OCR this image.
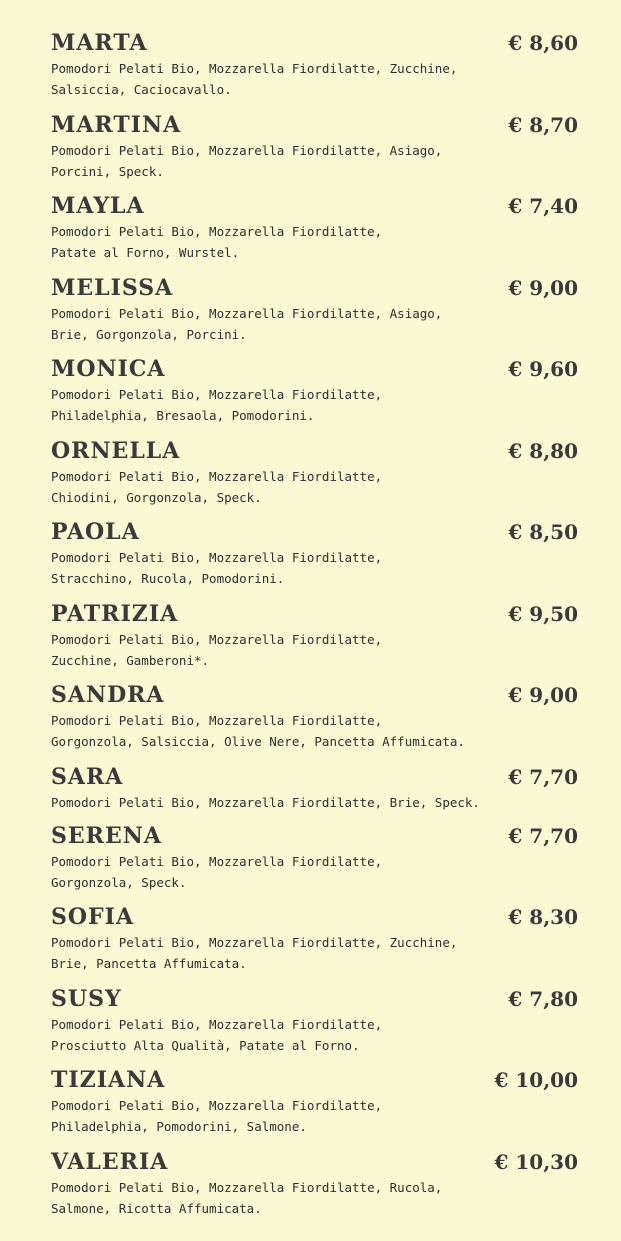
MARTA	€ 8,60
Pomodori Pelati Bio, Mozzarella Fiordilatte, Zucchine,
Salsiccia, Caciocavallo.
MARTINA	€ 8,70
Pomodori Pelati Bio, Mozzarella Fiordilatte, Asiago,
Porcini, Speck.
MAYLA	€ 7,40
Pomodori Pelati Bio, Mozzarella Fiordilatte,
Patate al Forno, Wurstel.
MELISSA	€ 9,00
Pomodori Pelati Bio, Mozzarella Fiordilatte, Asiago,
Brie, Gorgonzola, Porcini.
MONICA	€ 9,60
Pomodori Pelati Bio, Mozzarella Fiordilatte,
Philadelphia, Bresaola, Pomodorini.
ORNELLA	€ 8,80
Pomodori Pelati Bio, Mozzarella Fiordilatte,
Chiodini, Gorgonzola, Speck.
PAOLA	€ 8,50
Pomodori Pelati Bio, Mozzarella Fiordilatte,
Stracchino, Rucola, Pomodorini.
PATRIZIA	€ 9,50
Pomodori Pelati Bio, Mozzarella Fiordilatte,
Zucchine, Gamberoni*.
SANDRA	€ 9,00
Pomodori Pelati Bio, Mozzarella Fiordilatte,
Gorgonzola, Salsiccia, Olive Nere, Pancetta Affumicata.
SARA	€ 7,70
Pomodori Pelati Bio, Mozzarella Fiordilatte, Brie, Speck.
SERENA	€ 7,70
Pomodori Pelati Bio, Mozzarella Fiordilatte,
Gorgonzola, Speck.
SOFIA	€ 8,30
Pomodori Pelati Bio, Mozzarella Fiordilatte, Zucchine,
Brie, Pancetta Affumicata.
SUSY	€ 7,80
Pomodori Pelati Bio, Mozzarella Fiordilatte,
Prosciutto Alta Qualità, Patate al Forno.
TIZIANA	€ 10,00
Pomodori Pelati Bio, Mozzarella Fiordilatte,
Philadelphia, Pomodorini, Salmone.
VALERIA	€ 10,30
Pomodori Pelati Bio, Mozzarella Fiordilatte, Rucola,
Salmone, Ricotta Affumicata.
